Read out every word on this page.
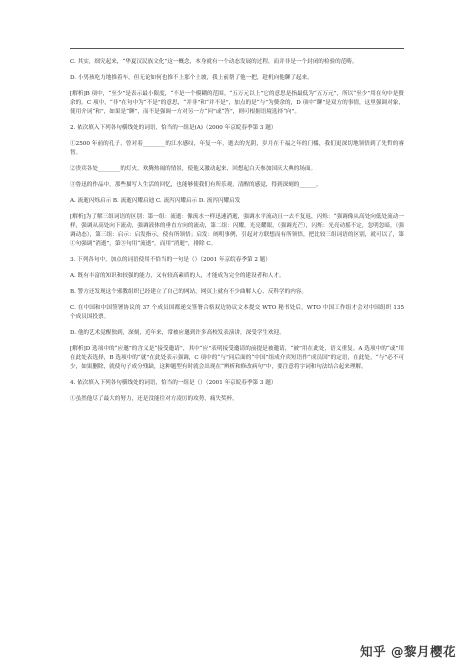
C. 其实，细究起来，“华夏汉民族文化”这一概念，本身就有一个动态发展的过程，而并非是一个封闭的检验的范畴。

D. 小男孩吃力地推着车，但无论如何也推不上那个土坡，我上前帮了他一把，趁机向他聊了起来。

[解析]B 项中，“至少”是表示最小限度，“不是一个模糊的范围。“五万元以上”它的意思是指最低为“五万元”，所以“至少”用在句中是赘余的。C 项中，“非”在句中为“不是”的意思，“并非”和“并不是”，加点的是“与”为赘余的，D 项中“聊”是双方的事情，这里强调对象，使用介词“和”，如果是“聊”，而不是强调一方对另一方“问”或“答”，则可根据语境选择“向”。

2. 依次填入下列各句横线处的词语，恰当的一组是(A)（2000 年京皖春季第 3 题）

①2500 年前的孔子，曾对着________的江水感叹，年复一年，逝去的光阴，岁月在千福之年的门槛，我们更深切地领悟到了先哲的睿智。

②贵宾各处________的灯火，欢腾热闹的情景，使他又激动起来，回想起白天参加国庆大典的场面。

③鲁迅的作品中，那些描写人生活的回忆，也能够使我们有所乐观，清醒的感觉，得到深刻的______。

A. 流逝闪烁启示 B. 流逝闪耀启迪 C. 流泻闪耀启示 D. 流泻闪耀启发

[解析]为了解三组词语的区别：第一组：流逝：像流水一样迅速消逝，强调水平流动且一去不复返，闪烁：“强调像从高处向低处流动一样，强调从高处向下流动，强调液体的垂直方向的流动，第二组：闪耀，光亮耀眼，（强调光芒），闪烁：光亮动摇不定，忽明忽暗，（强调动态），第三组：启示：启发指示，使有所领悟；启发：阐明事例，引起对方联想而有所领悟，把比较三组词语的区别，就可以了，第①句强调“消逝”，第③句用“流逝”，而用“消逝”，排除 C。

3. 下列各句中，加点的词语使用不恰当的一句是（）（2001 年京皖春季第 2 题）

A. 既有丰富的知识和较强的能力，又有较高素质的人，才能成为完全的建设者和人才。

B. 警方还发现这个邪教组织已经建立了自己的网站，网页上就有不少曲解人心、反科学的内容。

C. 在中国和中国签署协议的 37 个成员国都递交签署合格双边协议文本提交 WTO 秘书处后，WTO 中国工作组才会对中国组织 135 个成员国投票。

D. 他的艺术觉醒独到，深刻，近年来，常被应邀到许多高校发表演讲，深受学生欢迎。

[解析]D 选项中的“应邀”的含义是“接受邀请”，其中“应”表明接受邀请的前提是被邀请，“被”用在此处，语义重复。A 选项中的“或”用在此处表选择，B 选项中的“就”在此处表示强调，C 项中的“与”同后面的“中国”组成介宾短语作“成员国”的定语，在此处，“与”必不可少，如果删除，就使句子成分残缺，这种题型有时就会出现在“辨析和修改病句”中，要注意将字词和句法结合起来理解。

4. 依次填入下列各句横线处的词语，恰当的一组是（）（2001 年京皖春季第 3 题）

①虽然他尽了最大的努力，还是没能往对方凌厉的攻势，痛失奖杯。

知乎 @黎月樱花
